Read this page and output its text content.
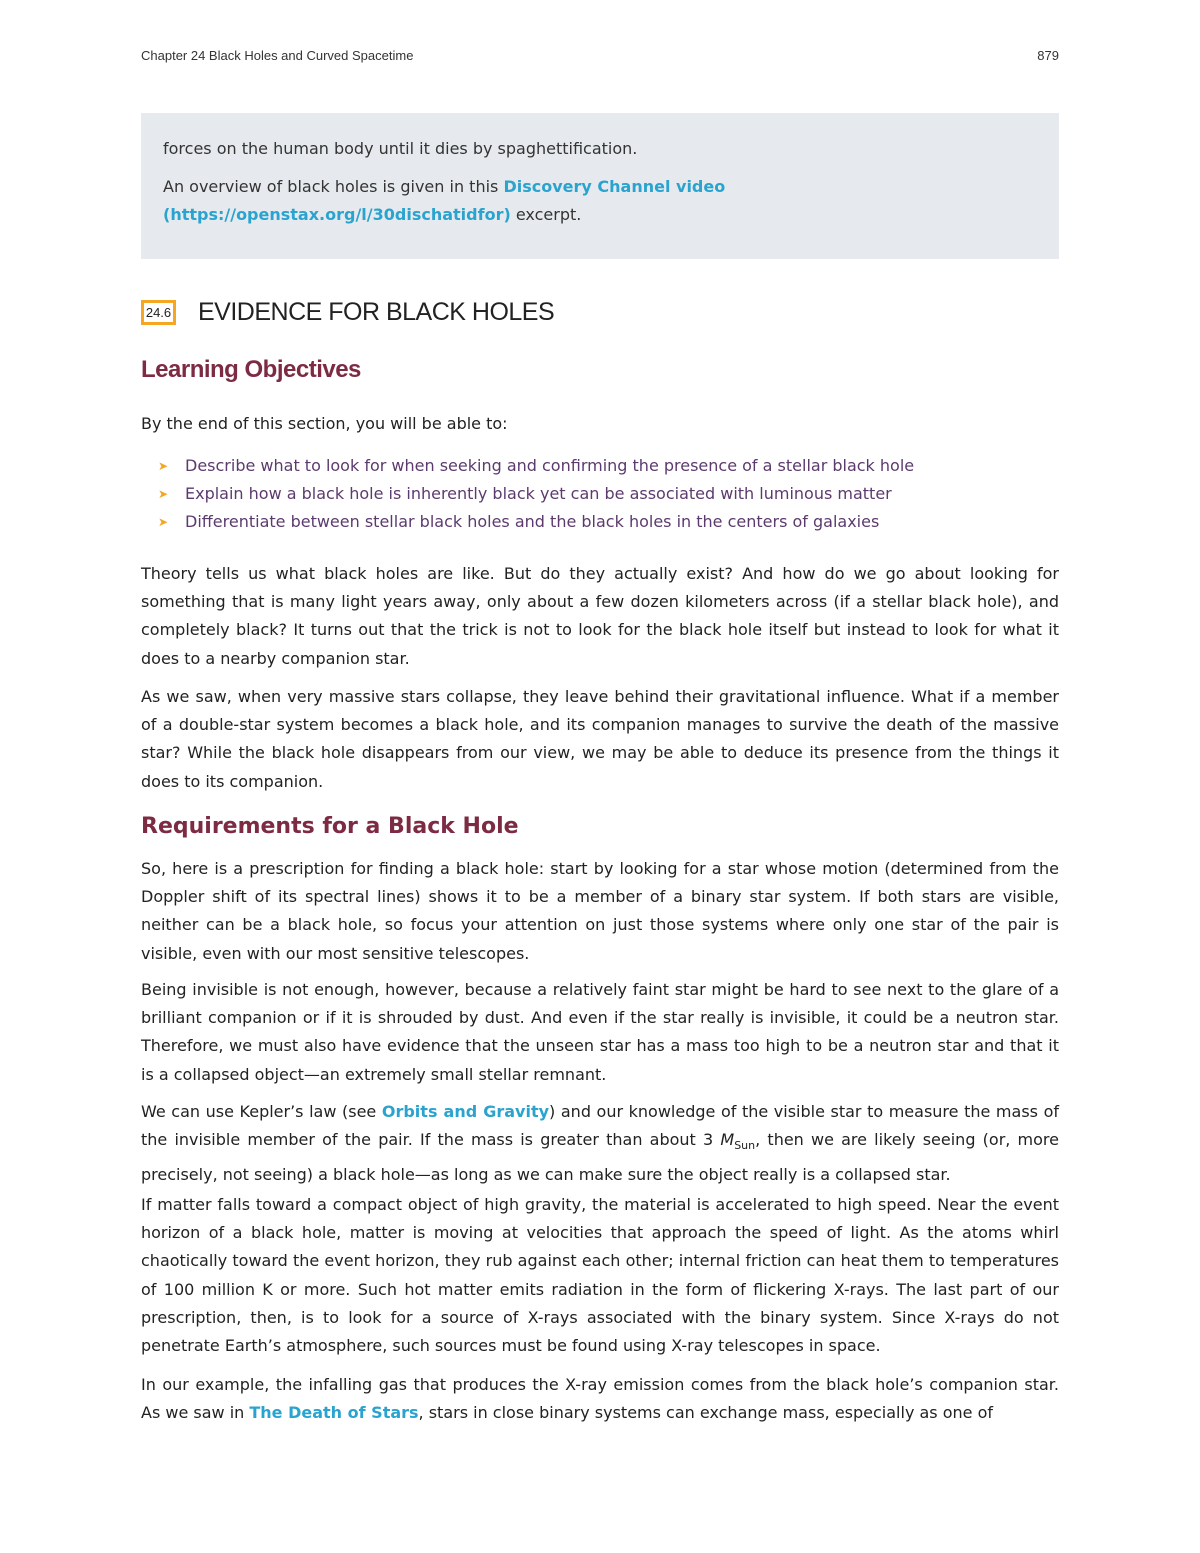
Chapter 24 Black Holes and Curved Spacetime	879

forces on the human body until it dies by spaghettification.

An overview of black holes is given in this Discovery Channel video (https://openstax.org/l/30dischatidfor) excerpt.

24.6 EVIDENCE FOR BLACK HOLES
Learning Objectives
By the end of this section, you will be able to:
➤	Describe what to look for when seeking and confirming the presence of a stellar black hole
➤	Explain how a black hole is inherently black yet can be associated with luminous matter
➤	Differentiate between stellar black holes and the black holes in the centers of galaxies

Theory tells us what black holes are like. But do they actually exist? And how do we go about looking for something that is many light years away, only about a few dozen kilometers across (if a stellar black hole), and completely black? It turns out that the trick is not to look for the black hole itself but instead to look for what it does to a nearby companion star.

As we saw, when very massive stars collapse, they leave behind their gravitational influence. What if a member of a double-star system becomes a black hole, and its companion manages to survive the death of the massive star? While the black hole disappears from our view, we may be able to deduce its presence from the things it does to its companion.

Requirements for a Black Hole

So, here is a prescription for finding a black hole: start by looking for a star whose motion (determined from the Doppler shift of its spectral lines) shows it to be a member of a binary star system. If both stars are visible, neither can be a black hole, so focus your attention on just those systems where only one star of the pair is visible, even with our most sensitive telescopes.

Being invisible is not enough, however, because a relatively faint star might be hard to see next to the glare of a brilliant companion or if it is shrouded by dust. And even if the star really is invisible, it could be a neutron star. Therefore, we must also have evidence that the unseen star has a mass too high to be a neutron star and that it is a collapsed object—an extremely small stellar remnant.

We can use Kepler’s law (see Orbits and Gravity) and our knowledge of the visible star to measure the mass of the invisible member of the pair. If the mass is greater than about 3 $M_{Sun}$, then we are likely seeing (or, more precisely, not seeing) a black hole—as long as we can make sure the object really is a collapsed star.

If matter falls toward a compact object of high gravity, the material is accelerated to high speed. Near the event horizon of a black hole, matter is moving at velocities that approach the speed of light. As the atoms whirl chaotically toward the event horizon, they rub against each other; internal friction can heat them to temperatures of 100 million K or more. Such hot matter emits radiation in the form of flickering X-rays. The last part of our prescription, then, is to look for a source of X-rays associated with the binary system. Since X-rays do not penetrate Earth’s atmosphere, such sources must be found using X-ray telescopes in space.

In our example, the infalling gas that produces the X-ray emission comes from the black hole’s companion star. As we saw in The Death of Stars, stars in close binary systems can exchange mass, especially as one of
